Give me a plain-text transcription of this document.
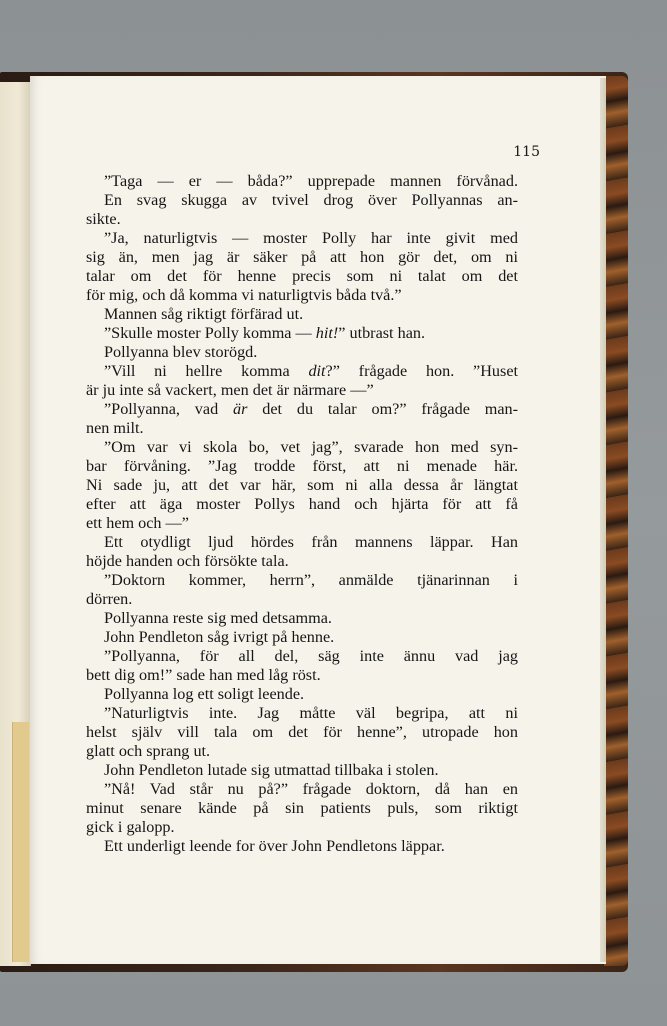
115
”Taga — er — båda?” upprepade mannen förvånad.
En svag skugga av tvivel drog över Pollyannas an-
sikte.
”Ja, naturligtvis — moster Polly har inte givit med
sig än, men jag är säker på att hon gör det, om ni
talar om det för henne precis som ni talat om det
för mig, och då komma vi naturligtvis båda två.”
Mannen såg riktigt förfärad ut.
”Skulle moster Polly komma — hit!” utbrast han.
Pollyanna blev storögd.
”Vill ni hellre komma dit?” frågade hon. ”Huset
är ju inte så vackert, men det är närmare —”
”Pollyanna, vad är det du talar om?” frågade man-
nen milt.
”Om var vi skola bo, vet jag”, svarade hon med syn-
bar förvåning. ”Jag trodde först, att ni menade här.
Ni sade ju, att det var här, som ni alla dessa år längtat
efter att äga moster Pollys hand och hjärta för att få
ett hem och —”
Ett otydligt ljud hördes från mannens läppar. Han
höjde handen och försökte tala.
”Doktorn kommer, herrn”, anmälde tjänarinnan i
dörren.
Pollyanna reste sig med detsamma.
John Pendleton såg ivrigt på henne.
”Pollyanna, för all del, säg inte ännu vad jag
bett dig om!” sade han med låg röst.
Pollyanna log ett soligt leende.
”Naturligtvis inte. Jag måtte väl begripa, att ni
helst själv vill tala om det för henne”, utropade hon
glatt och sprang ut.
John Pendleton lutade sig utmattad tillbaka i stolen.
”Nå! Vad står nu på?” frågade doktorn, då han en
minut senare kände på sin patients puls, som riktigt
gick i galopp.
Ett underligt leende for över John Pendletons läppar.
